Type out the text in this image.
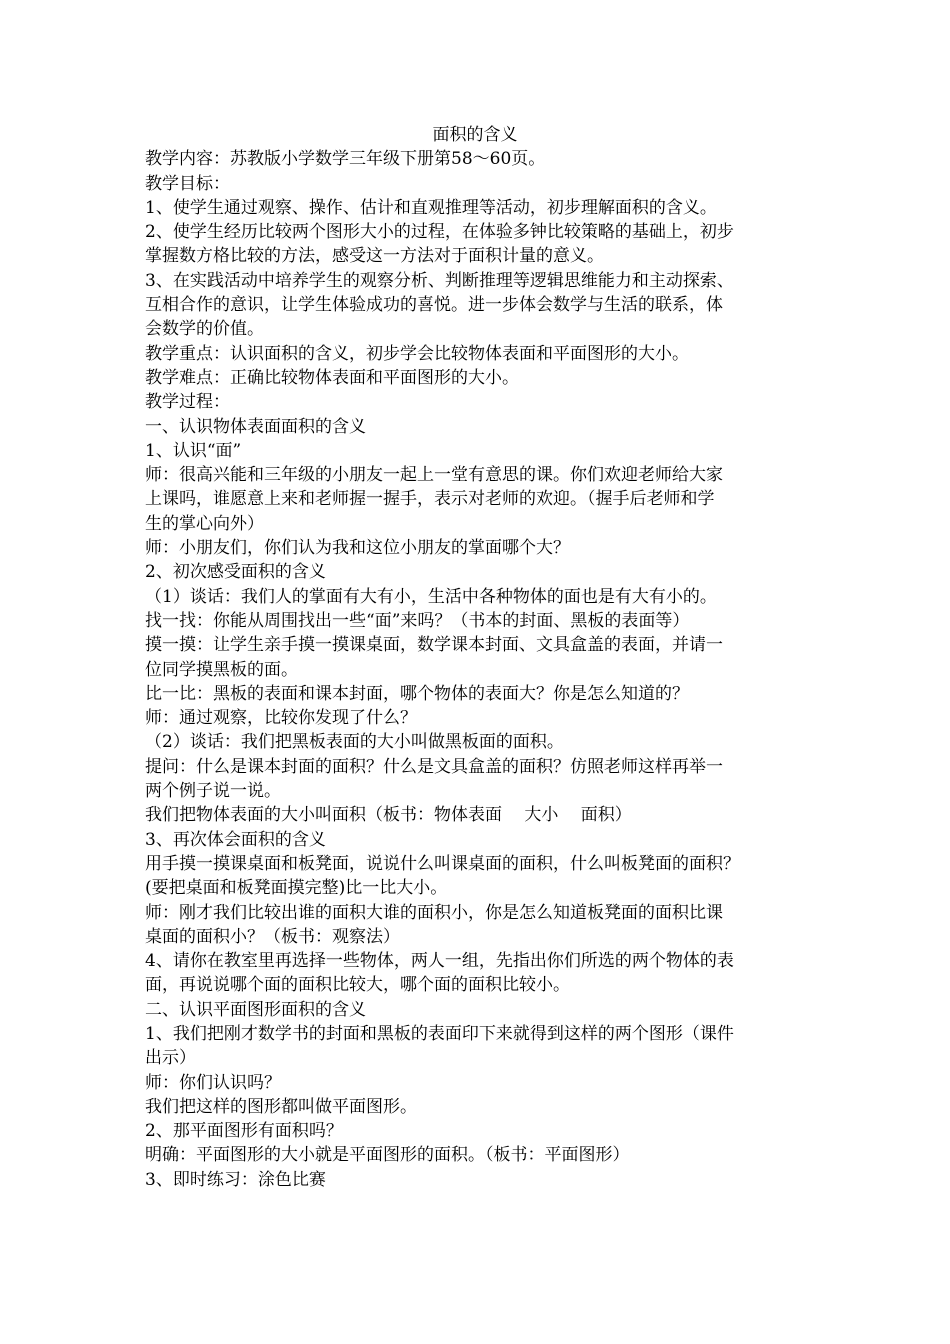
面积的含义

教学内容：苏教版小学数学三年级下册第58～60页。

教学目标：

1、使学生通过观察、操作、估计和直观推理等活动，初步理解面积的含义。

2、使学生经历比较两个图形大小的过程，在体验多钟比较策略的基础上，初步

掌握数方格比较的方法，感受这一方法对于面积计量的意义。

3、在实践活动中培养学生的观察分析、判断推理等逻辑思维能力和主动探索、

互相合作的意识，让学生体验成功的喜悦。进一步体会数学与生活的联系，体

会数学的价值。

教学重点：认识面积的含义，初步学会比较物体表面和平面图形的大小。

教学难点：正确比较物体表面和平面图形的大小。

教学过程：

一、认识物体表面面积的含义

1、认识“面”

师：很高兴能和三年级的小朋友一起上一堂有意思的课。你们欢迎老师给大家

上课吗，谁愿意上来和老师握一握手，表示对老师的欢迎。（握手后老师和学

生的掌心向外）

师：小朋友们，你们认为我和这位小朋友的掌面哪个大？

2、初次感受面积的含义

（1）谈话：我们人的掌面有大有小，生活中各种物体的面也是有大有小的。

找一找：你能从周围找出一些“面”来吗？（书本的封面、黑板的表面等）

摸一摸：让学生亲手摸一摸课桌面，数学课本封面、文具盒盖的表面，并请一

位同学摸黑板的面。

比一比：黑板的表面和课本封面，哪个物体的表面大？你是怎么知道的？

师：通过观察，比较你发现了什么？

（2）谈话：我们把黑板表面的大小叫做黑板面的面积。

提问：什么是课本封面的面积？什么是文具盒盖的面积？仿照老师这样再举一

两个例子说一说。

我们把物体表面的大小叫面积（板书：物体表面　 大小　 面积）

3、再次体会面积的含义

用手摸一摸课桌面和板凳面，说说什么叫课桌面的面积，什么叫板凳面的面积？

(要把桌面和板凳面摸完整)比一比大小。

师：刚才我们比较出谁的面积大谁的面积小，你是怎么知道板凳面的面积比课

桌面的面积小？（板书：观察法）

4、请你在教室里再选择一些物体，两人一组，先指出你们所选的两个物体的表

面，再说说哪个面的面积比较大，哪个面的面积比较小。

二、认识平面图形面积的含义

1、我们把刚才数学书的封面和黑板的表面印下来就得到这样的两个图形（课件

出示）

师：你们认识吗？

我们把这样的图形都叫做平面图形。

2、那平面图形有面积吗？

明确：平面图形的大小就是平面图形的面积。（板书：平面图形）

3、即时练习：涂色比赛
